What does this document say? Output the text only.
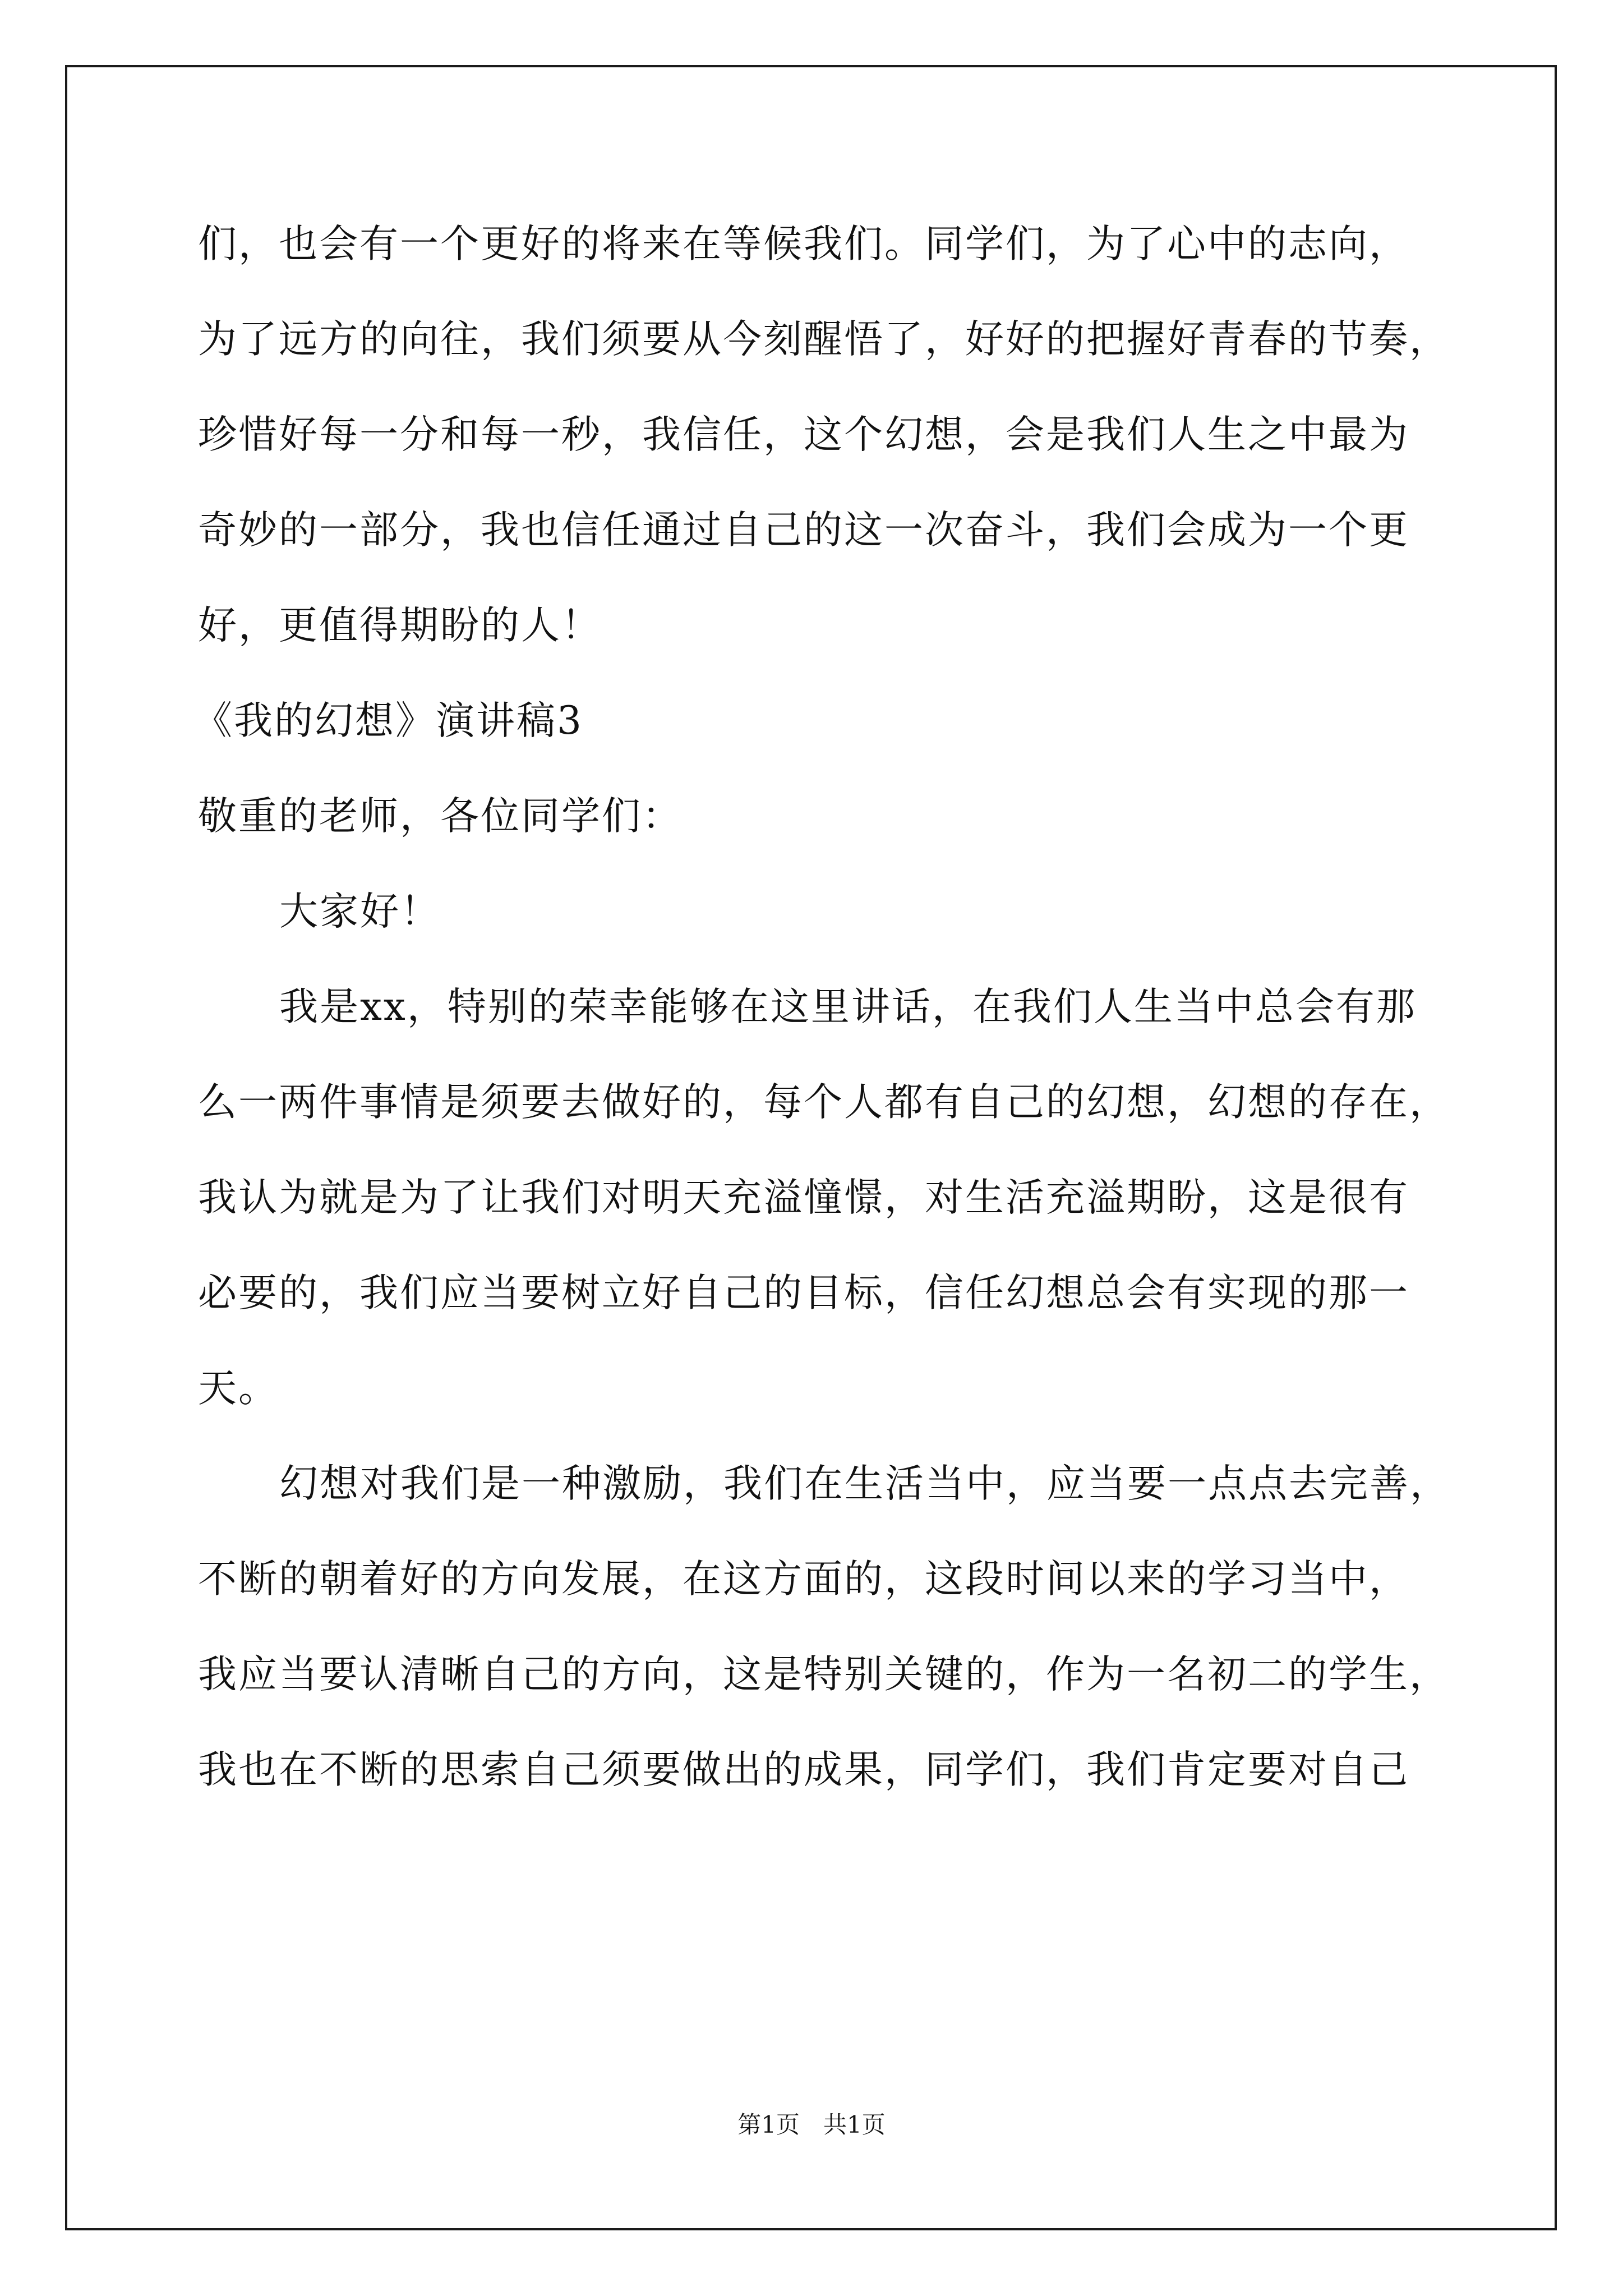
们，也会有一个更好的将来在等候我们。同学们，为了心中的志向，
为了远方的向往，我们须要从今刻醒悟了，好好的把握好青春的节奏，
珍惜好每一分和每一秒，我信任，这个幻想，会是我们人生之中最为
奇妙的一部分，我也信任通过自己的这一次奋斗，我们会成为一个更
好，更值得期盼的人！
《我的幻想》演讲稿3
敬重的老师，各位同学们：
大家好！
我是xx，特别的荣幸能够在这里讲话，在我们人生当中总会有那
么一两件事情是须要去做好的，每个人都有自己的幻想，幻想的存在，
我认为就是为了让我们对明天充溢憧憬，对生活充溢期盼，这是很有
必要的，我们应当要树立好自己的目标，信任幻想总会有实现的那一
天。
幻想对我们是一种激励，我们在生活当中，应当要一点点去完善，
不断的朝着好的方向发展，在这方面的，这段时间以来的学习当中，
我应当要认清晰自己的方向，这是特别关键的，作为一名初二的学生，
我也在不断的思索自己须要做出的成果，同学们，我们肯定要对自己
第1页　共1页
